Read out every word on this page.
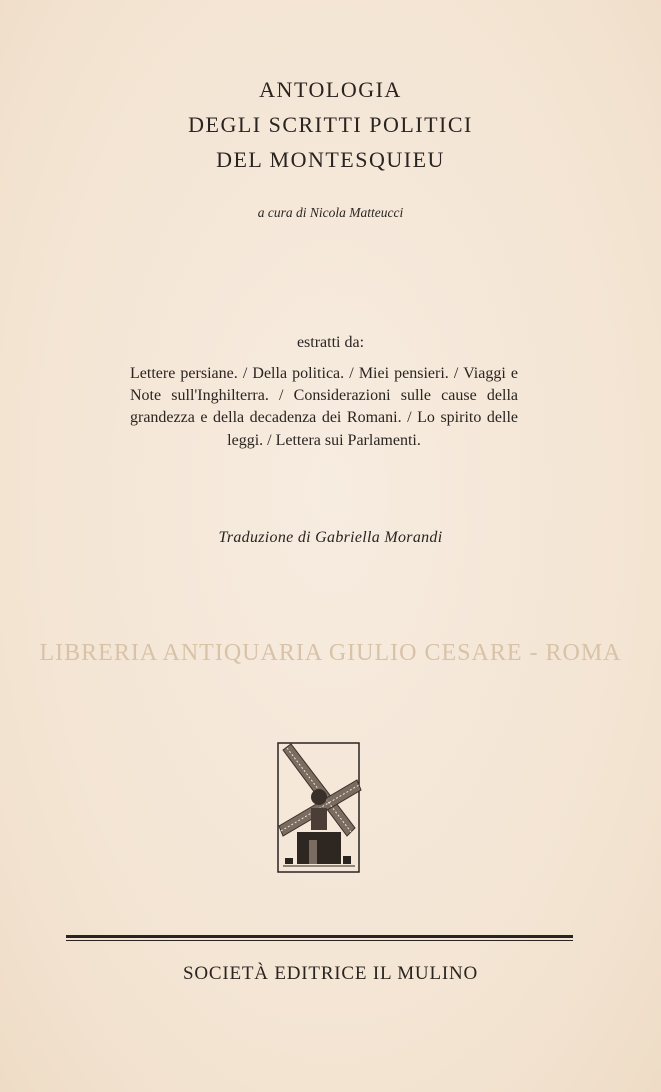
ANTOLOGIA
DEGLI SCRITTI POLITICI
DEL MONTESQUIEU
a cura di Nicola Matteucci
estratti da:
Lettere persiane. / Della politica. / Miei pensieri. / Viaggi e Note sull'Inghilterra. / Considerazioni sulle cause della grandezza e della decadenza dei Romani. / Lo spirito delle leggi. / Lettera sui Parlamenti.
Traduzione di Gabriella Morandi
LIBRERIA ANTIQUARIA GIULIO CESARE - ROMA
SOCIETÀ EDITRICE IL MULINO
